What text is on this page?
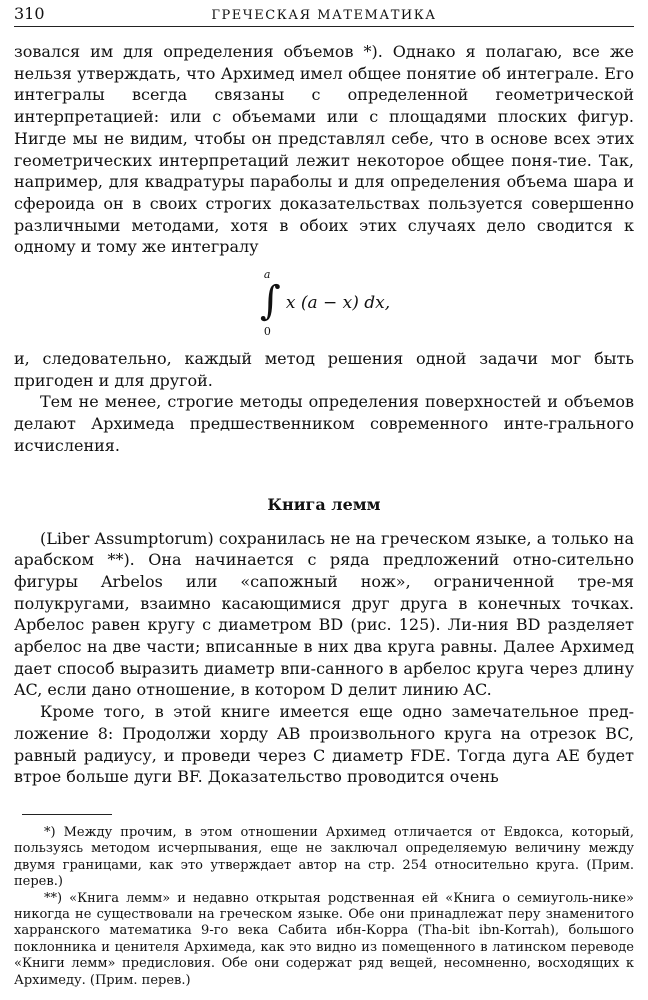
310	ГРЕЧЕСКАЯ МАТЕМАТИКА

зовался им для определения объемов *). Однако я полагаю, все же нельзя утверждать, что Архимед имел общее понятие об интеграле. Его интегралы всегда связаны с определенной геометрической интерпретацией: или с объемами или с площадями плоских фигур. Нигде мы не видим, чтобы он представлял себе, что в основе всех этих геометрических интерпретаций лежит некоторое общее поня-тие. Так, например, для квадратуры параболы и для определения объема шара и сфероида он в своих строгих доказательствах пользуется совершенно различными методами, хотя в обоих этих случаях дело сводится к одному и тому же интегралу

a
∫
0
x (a − x) dx,

и, следовательно, каждый метод решения одной задачи мог быть пригоден и для другой.

Тем не менее, строгие методы определения поверхностей и объемов делают Архимеда предшественником современного инте-грального исчисления.

Книга лемм

(Liber Assumptorum) сохранилась не на греческом языке, а только на арабском **). Она начинается с ряда предложений отно-сительно фигуры Arbelos или «сапожный нож», ограниченной тре-мя полукругами, взаимно касающимися друг друга в конечных точках. Арбелос равен кругу с диаметром BD (рис. 125). Ли-ния BD разделяет арбелос на две части; вписанные в них два круга равны. Далее Архимед дает способ выразить диаметр впи-санного в арбелос круга через длину AC, если дано отношение, в котором D делит линию AC.

Кроме того, в этой книге имеется еще одно замечательное пред-ложение 8: Продолжи хорду AB произвольного круга на отрезок BC, равный радиусу, и проведи через C диаметр FDE. Тогда дуга AE будет втрое больше дуги BF. Доказательство проводится очень

*) Между прочим, в этом отношении Архимед отличается от Евдокса, который, пользуясь методом исчерпывания, еще не заключал определяемую величину между двумя границами, как это утверждает автор на стр. 254 относительно круга. (Прим. перев.)

**) «Книга лемм» и недавно открытая родственная ей «Книга о семиуголь-нике» никогда не существовали на греческом языке. Обе они принадлежат перу знаменитого харранского математика 9-го века Сабита ибн-Корра (Tha-bit ibn-Korrah), большого поклонника и ценителя Архимеда, как это видно из помещенного в латинском переводе «Книги лемм» предисловия. Обе они содержат ряд вещей, несомненно, восходящих к Архимеду. (Прим. перев.)
